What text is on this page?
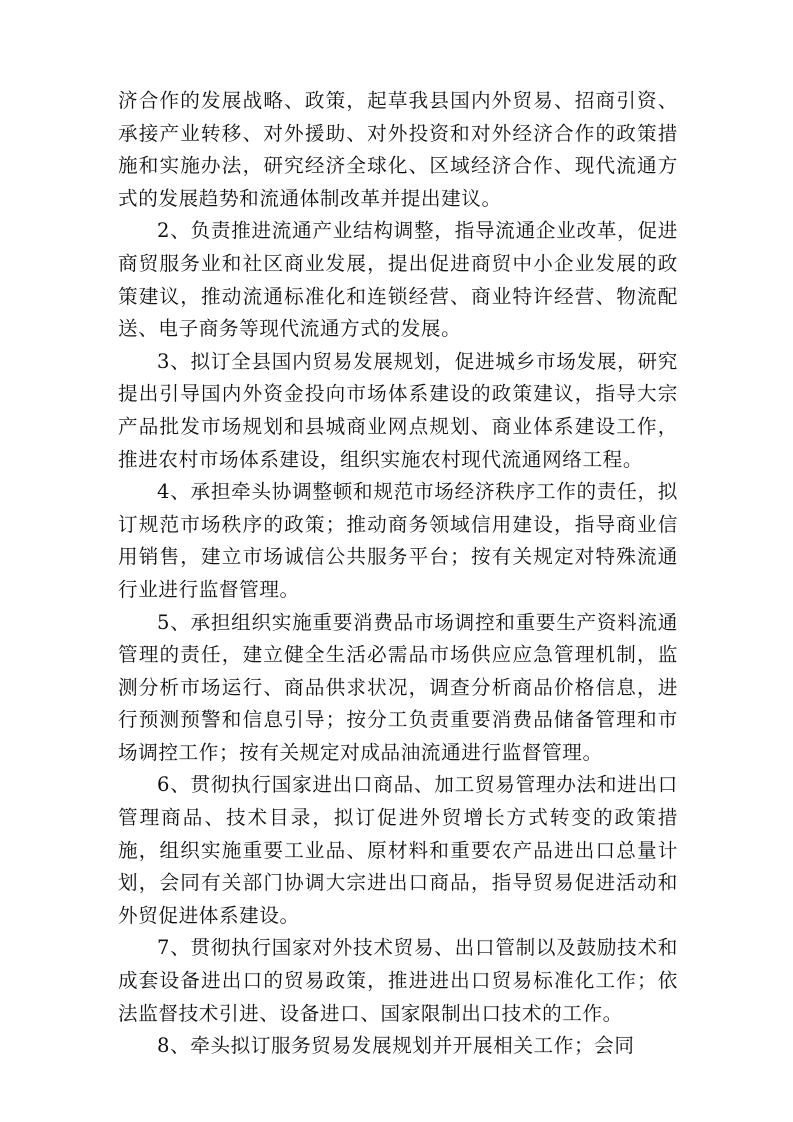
济合作的发展战略、政策，起草我县国内外贸易、招商引资、承接产业转移、对外援助、对外投资和对外经济合作的政策措施和实施办法，研究经济全球化、区域经济合作、现代流通方式的发展趋势和流通体制改革并提出建议。

2、负责推进流通产业结构调整，指导流通企业改革，促进商贸服务业和社区商业发展，提出促进商贸中小企业发展的政策建议，推动流通标准化和连锁经营、商业特许经营、物流配送、电子商务等现代流通方式的发展。

3、拟订全县国内贸易发展规划，促进城乡市场发展，研究提出引导国内外资金投向市场体系建设的政策建议，指导大宗产品批发市场规划和县城商业网点规划、商业体系建设工作，推进农村市场体系建设，组织实施农村现代流通网络工程。

4、承担牵头协调整顿和规范市场经济秩序工作的责任，拟订规范市场秩序的政策；推动商务领域信用建设，指导商业信用销售，建立市场诚信公共服务平台；按有关规定对特殊流通行业进行监督管理。

5、承担组织实施重要消费品市场调控和重要生产资料流通管理的责任，建立健全生活必需品市场供应应急管理机制，监测分析市场运行、商品供求状况，调查分析商品价格信息，进行预测预警和信息引导；按分工负责重要消费品储备管理和市场调控工作；按有关规定对成品油流通进行监督管理。

6、贯彻执行国家进出口商品、加工贸易管理办法和进出口管理商品、技术目录，拟订促进外贸增长方式转变的政策措施，组织实施重要工业品、原材料和重要农产品进出口总量计划，会同有关部门协调大宗进出口商品，指导贸易促进活动和外贸促进体系建设。

7、贯彻执行国家对外技术贸易、出口管制以及鼓励技术和成套设备进出口的贸易政策，推进进出口贸易标准化工作；依法监督技术引进、设备进口、国家限制出口技术的工作。

8、牵头拟订服务贸易发展规划并开展相关工作；会同
